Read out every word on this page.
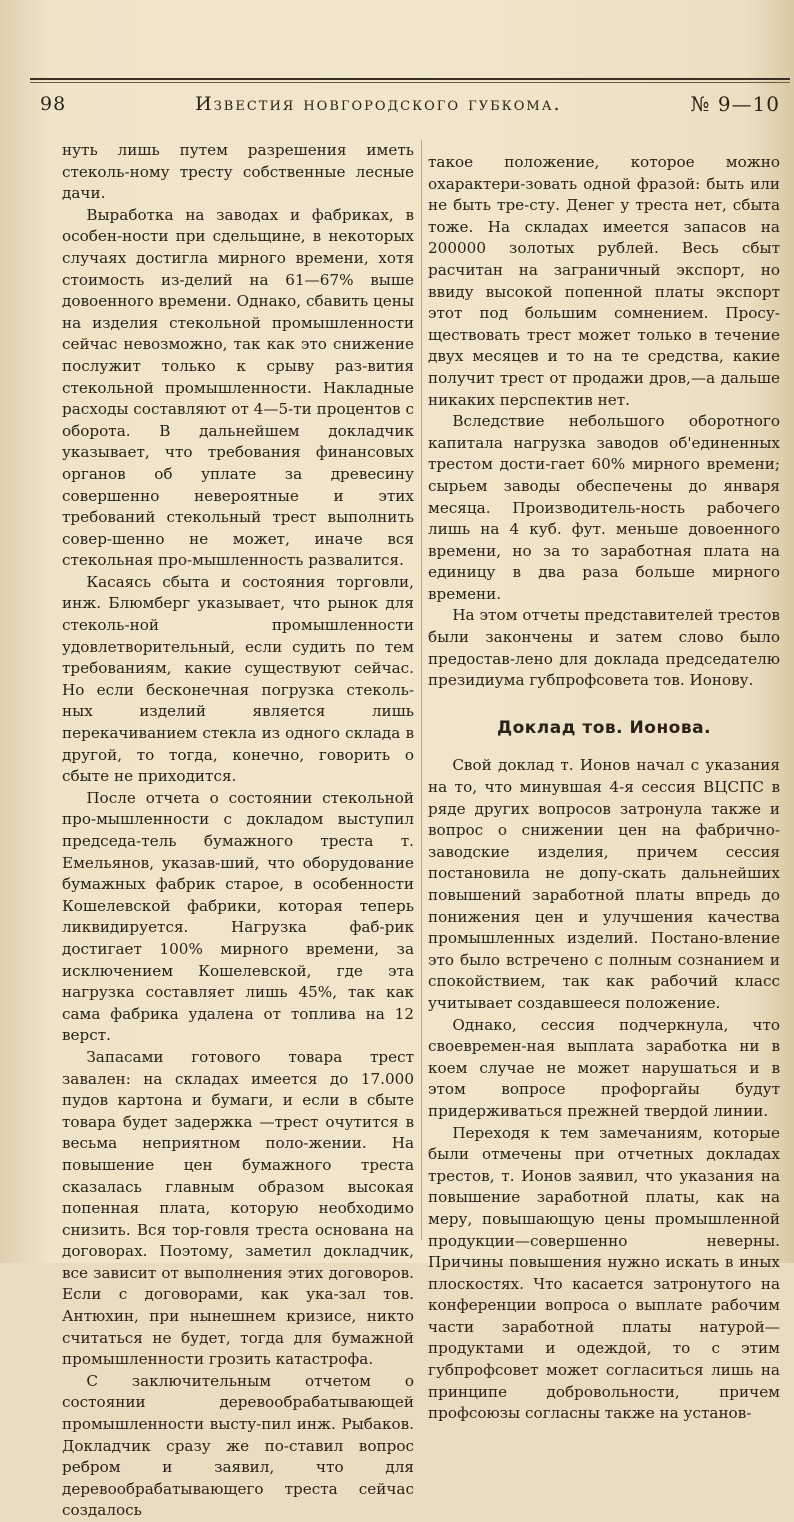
98	Известия новгородского губкома.	№ 9—10

нуть лишь путем разрешения иметь стеколь-ному тресту собственные лесные дачи.

Выработка на заводах и фабриках, в особен-ности при сдельщине, в некоторых случаях достигла мирного времени, хотя стоимость из-делий на 61—67% выше довоенного времени. Однако, сбавить цены на изделия стекольной промышленности сейчас невозможно, так как это снижение послужит только к срыву раз-вития стекольной промышленности. Накладные расходы составляют от 4—5-ти процентов с оборота. В дальнейшем докладчик указывает, что требования финансовых органов об уплате за древесину совершенно невероятные и этих требований стекольный трест выполнить совер-шенно не может, иначе вся стекольная про-мышленность развалится.

Касаясь сбыта и состояния торговли, инж. Блюмберг указывает, что рынок для стеколь-ной промышленности удовлетворительный, если судить по тем требованиям, какие существуют сейчас. Но если бесконечная погрузка стеколь-ных изделий является лишь перекачиванием стекла из одного склада в другой, то тогда, конечно, говорить о сбыте не приходится.

После отчета о состоянии стекольной про-мышленности с докладом выступил председа-тель бумажного треста т. Емельянов, указав-ший, что оборудование бумажных фабрик старое, в особенности Кошелевской фабрики, которая теперь ликвидируется. Нагрузка фаб-рик достигает 100% мирного времени, за исключением Кошелевской, где эта нагрузка составляет лишь 45%, так как сама фабрика удалена от топлива на 12 верст.

Запасами готового товара трест завален: на складах имеется до 17.000 пудов картона и бумаги, и если в сбыте товара будет задержка —трест очутится в весьма неприятном поло-жении. На повышение цен бумажного треста сказалась главным образом высокая попенная плата, которую необходимо снизить. Вся тор-говля треста основана на договорах. Поэтому, заметил докладчик, все зависит от выполнения этих договоров. Если с договорами, как ука-зал тов. Антюхин, при нынешнем кризисе, никто считаться не будет, тогда для бумажной промышленности грозить катастрофа.

С заключительным отчетом о состоянии деревообрабатывающей промышленности высту-пил инж. Рыбаков. Докладчик сразу же по-ставил вопрос ребром и заявил, что для деревообрабатывающего треста сейчас создалось

такое положение, которое можно охарактери-зовать одной фразой: быть или не быть тре-сту. Денег у треста нет, сбыта тоже. На складах имеется запасов на 200000 золотых рублей. Весь сбыт расчитан на заграничный экспорт, но ввиду высокой попенной платы экспорт этот под большим сомнением. Просу-ществовать трест может только в течение двух месяцев и то на те средства, какие получит трест от продажи дров,—а дальше никаких перспектив нет.

Вследствие небольшого оборотного капитала нагрузка заводов об'единенных трестом дости-гает 60% мирного времени; сырьем заводы обеспечены до января месяца. Производитель-ность рабочего лишь на 4 куб. фут. меньше довоенного времени, но за то заработная плата на единицу в два раза больше мирного времени.

На этом отчеты представителей трестов были закончены и затем слово было предостав-лено для доклада председателю президиума губпрофсовета тов. Ионову.

Доклад тов. Ионова.

Свой доклад т. Ионов начал с указания на то, что минувшая 4-я сессия ВЦСПС в ряде других вопросов затронула также и вопрос о снижении цен на фабрично-заводские изделия, причем сессия постановила не допу-скать дальнейших повышений заработной платы впредь до понижения цен и улучшения качества промышленных изделий. Постано-вление это было встречено с полным сознанием и спокойствием, так как рабочий класс учитывает создавшееся положение.

Однако, сессия подчеркнула, что своевремен-ная выплата заработка ни в коем случае не может нарушаться и в этом вопросе профоргайы будут придерживаться прежней твердой линии.

Переходя к тем замечаниям, которые были отмечены при отчетных докладах трестов, т. Ионов заявил, что указания на повышение заработной платы, как на меру, повышающую цены промышленной продукции—совершенно неверны. Причины повышения нужно искать в иных плоскостях. Что касается затронутого на конференции вопроса о выплате рабочим части заработной платы натурой—продуктами и одеждой, то с этим губпрофсовет может согласиться лишь на принципе добровольности, причем профсоюзы согласны также на установ-
